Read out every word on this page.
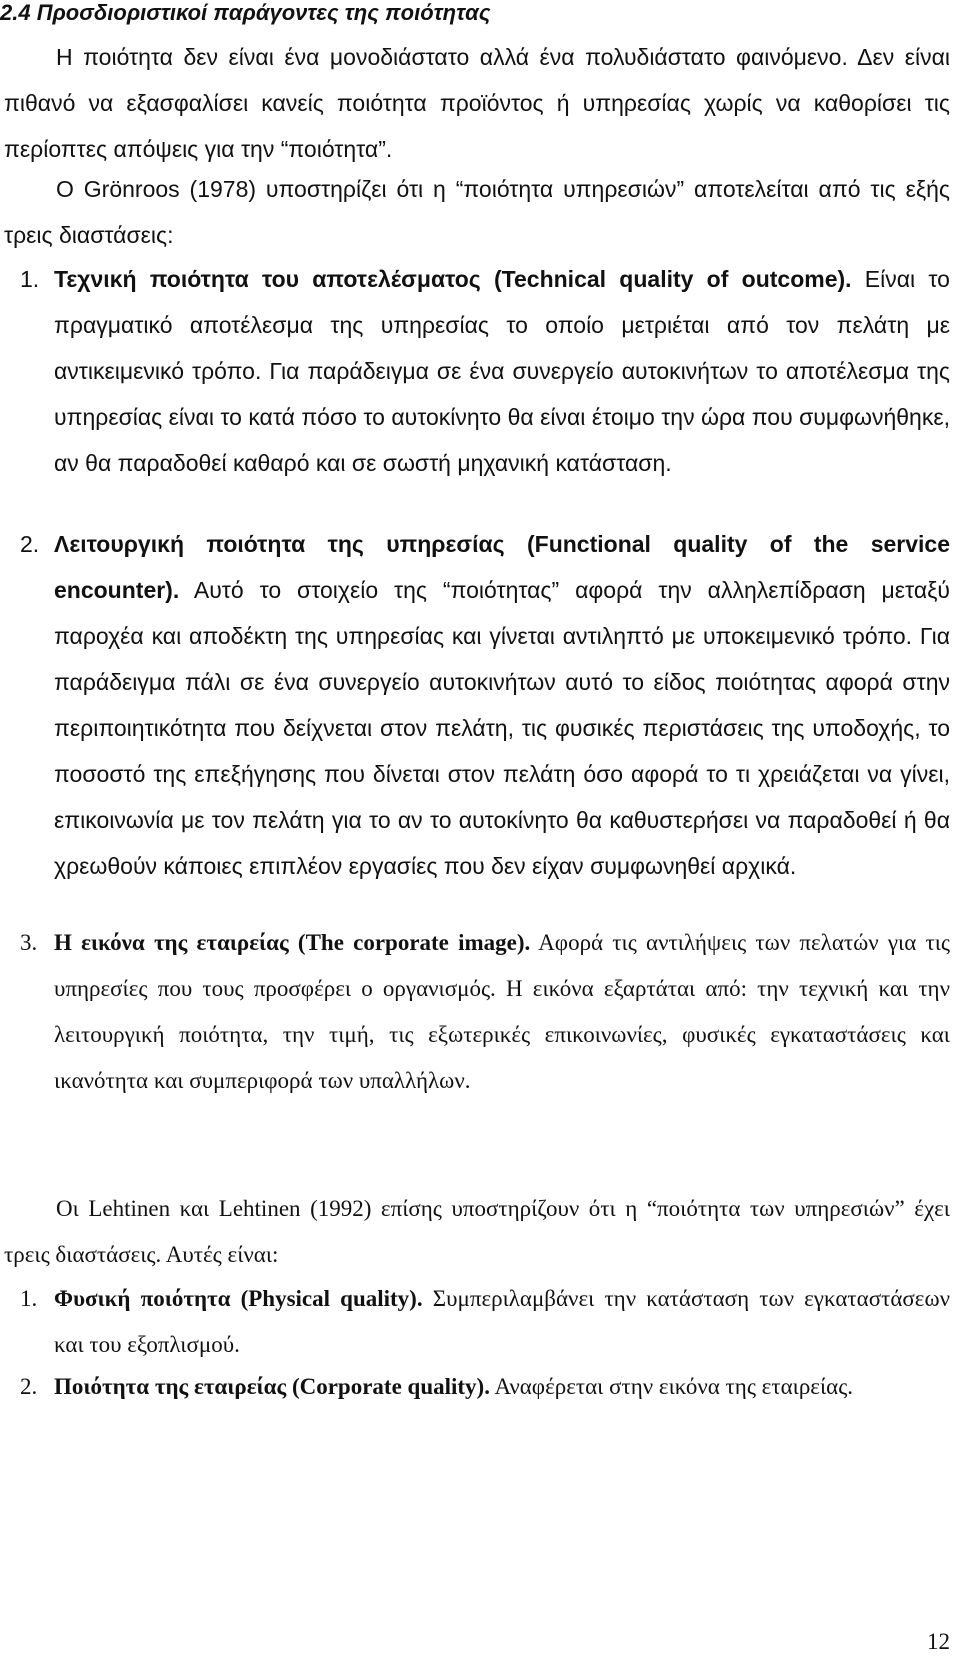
2.4 Προσδιοριστικοί παράγοντες της ποιότητας

Η ποιότητα δεν είναι ένα μονοδιάστατο αλλά ένα πολυδιάστατο φαινόμενο. Δεν είναι πιθανό να εξασφαλίσει κανείς ποιότητα προϊόντος ή υπηρεσίας χωρίς να καθορίσει τις περίοπτες απόψεις για την “ποιότητα”.

Ο Grönroos (1978) υποστηρίζει ότι η “ποιότητα υπηρεσιών” αποτελείται από τις εξής τρεις διαστάσεις:

1. Τεχνική ποιότητα του αποτελέσματος (Technical quality of outcome). Είναι το πραγματικό αποτέλεσμα της υπηρεσίας το οποίο μετριέται από τον πελάτη με αντικειμενικό τρόπο. Για παράδειγμα σε ένα συνεργείο αυτοκινήτων το αποτέλεσμα της υπηρεσίας είναι το κατά πόσο το αυτοκίνητο θα είναι έτοιμο την ώρα που συμφωνήθηκε, αν θα παραδοθεί καθαρό και σε σωστή μηχανική κατάσταση.
2. Λειτουργική ποιότητα της υπηρεσίας (Functional quality of the service encounter). Αυτό το στοιχείο της “ποιότητας” αφορά την αλληλεπίδραση μεταξύ παροχέα και αποδέκτη της υπηρεσίας και γίνεται αντιληπτό με υποκειμενικό τρόπο. Για παράδειγμα πάλι σε ένα συνεργείο αυτοκινήτων αυτό το είδος ποιότητας αφορά στην περιποιητικότητα που δείχνεται στον πελάτη, τις φυσικές περιστάσεις της υποδοχής, το ποσοστό της επεξήγησης που δίνεται στον πελάτη όσο αφορά το τι χρειάζεται να γίνει, επικοινωνία με τον πελάτη για το αν το αυτοκίνητο θα καθυστερήσει να παραδοθεί ή θα χρεωθούν κάποιες επιπλέον εργασίες που δεν είχαν συμφωνηθεί αρχικά.
3. Η εικόνα της εταιρείας (The corporate image). Αφορά τις αντιλήψεις των πελατών για τις υπηρεσίες που τους προσφέρει ο οργανισμός. Η εικόνα εξαρτάται από: την τεχνική και την λειτουργική ποιότητα, την τιμή, τις εξωτερικές επικοινωνίες, φυσικές εγκαταστάσεις και ικανότητα και συμπεριφορά των υπαλλήλων.

Οι Lehtinen και Lehtinen (1992) επίσης υποστηρίζουν ότι η “ποιότητα των υπηρεσιών” έχει τρεις διαστάσεις. Αυτές είναι:

1. Φυσική ποιότητα (Physical quality). Συμπεριλαμβάνει την κατάσταση των εγκαταστάσεων και του εξοπλισμού.
2. Ποιότητα της εταιρείας (Corporate quality). Αναφέρεται στην εικόνα της εταιρείας.
12
